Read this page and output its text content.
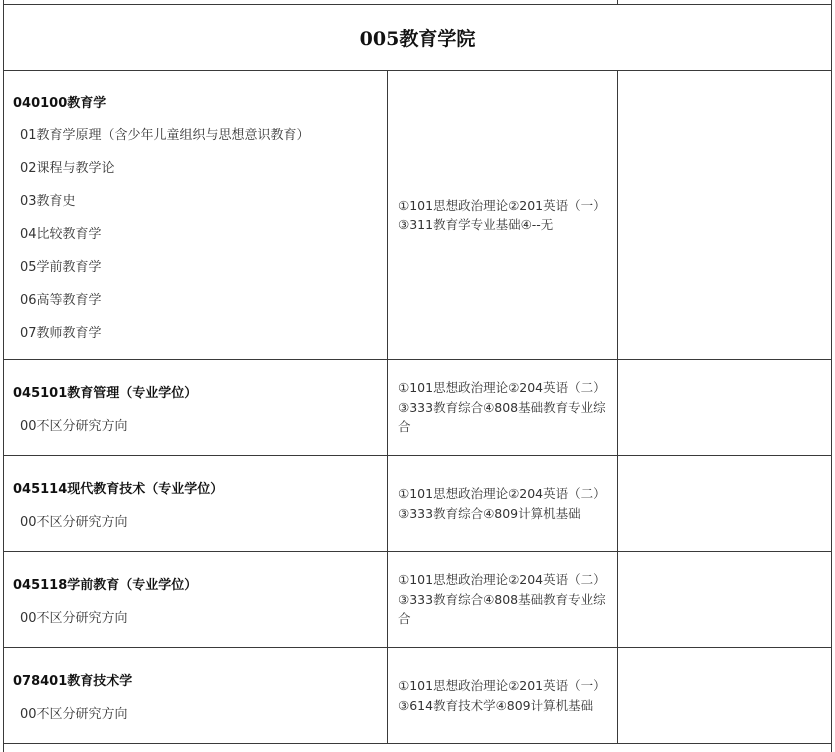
005教育学院
040100教育学
01教育学原理（含少年儿童组织与思想意识教育）
02课程与教学论
03教育史
04比较教育学
05学前教育学
06高等教育学
07教师教育学
①101思想政治理论②201英语（一）③311教育学专业基础④--无
045101教育管理（专业学位）
00不区分研究方向
①101思想政治理论②204英语（二）③333教育综合④808基础教育专业综合
045114现代教育技术（专业学位）
00不区分研究方向
①101思想政治理论②204英语（二）③333教育综合④809计算机基础
045118学前教育（专业学位）
00不区分研究方向
①101思想政治理论②204英语（二）③333教育综合④808基础教育专业综合
078401教育技术学
00不区分研究方向
①101思想政治理论②201英语（一）③614教育技术学④809计算机基础
